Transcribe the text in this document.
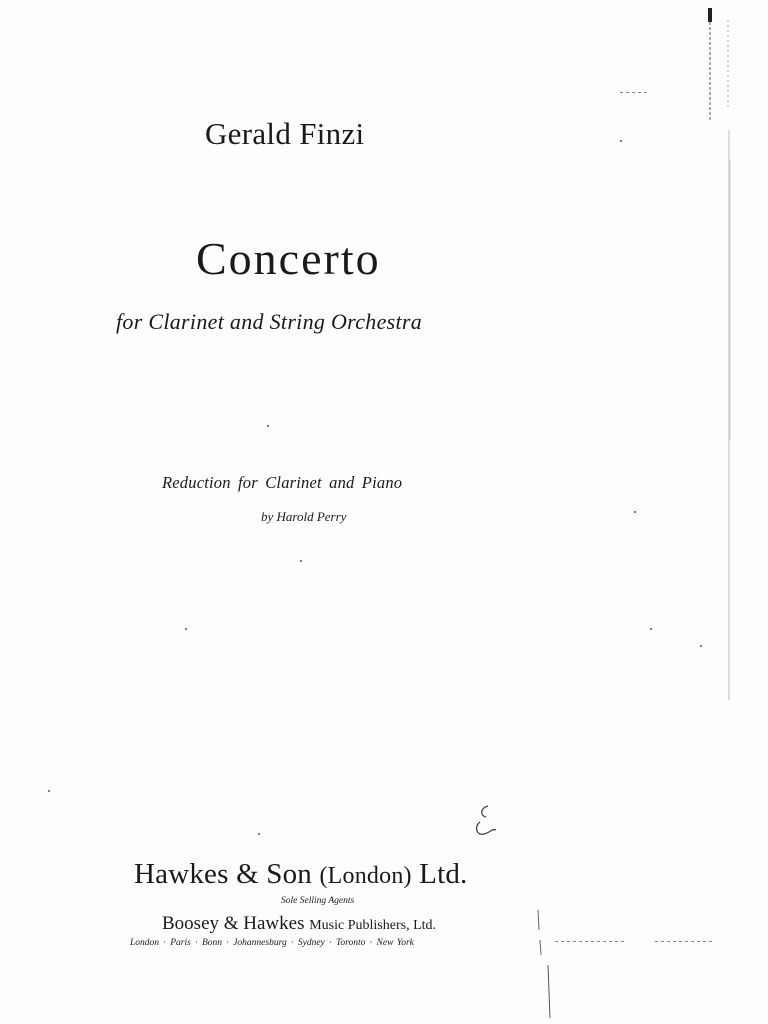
Gerald Finzi
Concerto
for Clarinet and String Orchestra
Reduction for Clarinet and Piano
by Harold Perry
Hawkes & Son (London) Ltd.
Sole Selling Agents
Boosey & Hawkes Music Publishers, Ltd.
London · Paris · Bonn · Johannesburg · Sydney · Toronto · New York
